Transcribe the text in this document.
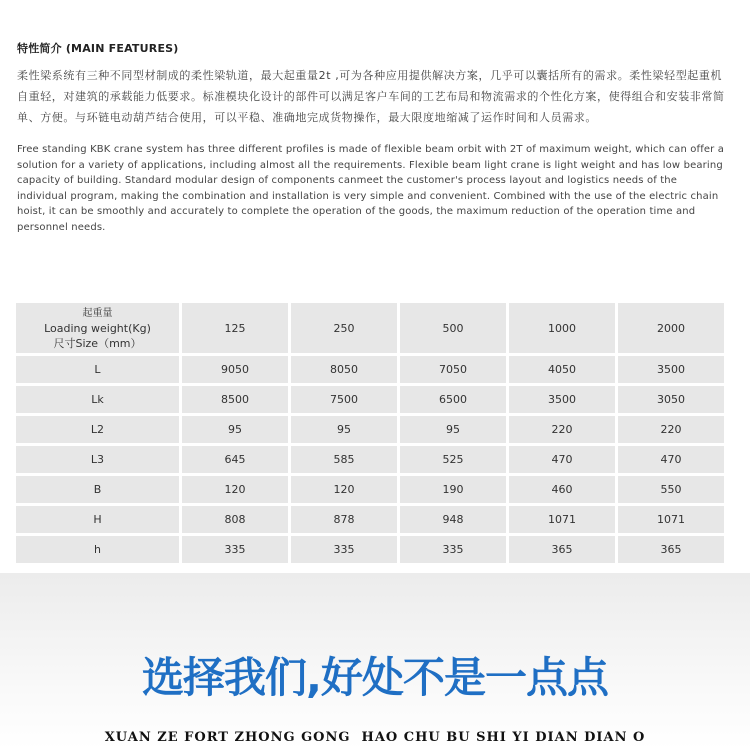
特性简介 (MAIN FEATURES)
柔性梁系统有三种不同型材制成的柔性梁轨道，最大起重量2t ,可为各种应用提供解决方案，几乎可以囊括所有的需求。柔性梁轻型起重机自重轻，对建筑的承载能力低要求。标准模块化设计的部件可以满足客户车间的工艺布局和物流需求的个性化方案，使得组合和安装非常简单、方便。与环链电动葫芦结合使用，可以平稳、准确地完成货物操作，最大限度地缩减了运作时间和人员需求。
Free standing KBK crane system has three different profiles is made of flexible beam orbit with 2T of maximum weight, which can offer a solution for a variety of applications, including almost all the requirements. Flexible beam light crane is light weight and has low bearing capacity of building. Standard modular design of components canmeet the customer's process layout and logistics needs of the individual program, making the combination and installation is very simple and convenient. Combined with the use of the electric chain hoist, it can be smoothly and accurately to complete the operation of the goods, the maximum reduction of the operation time and personnel needs.
起重量
Loading weight(Kg)
尺寸Size（mm）	125	250	500	1000	2000
L	9050	8050	7050	4050	3500
Lk	8500	7500	6500	3500	3050
L2	95	95	95	220	220
L3	645	585	525	470	470
B	120	120	190	460	550
H	808	878	948	1071	1071
h	335	335	335	365	365
选择我们,好处不是一点点
XUAN ZE FORT ZHONG GONG  HAO CHU BU SHI YI DIAN DIAN O
